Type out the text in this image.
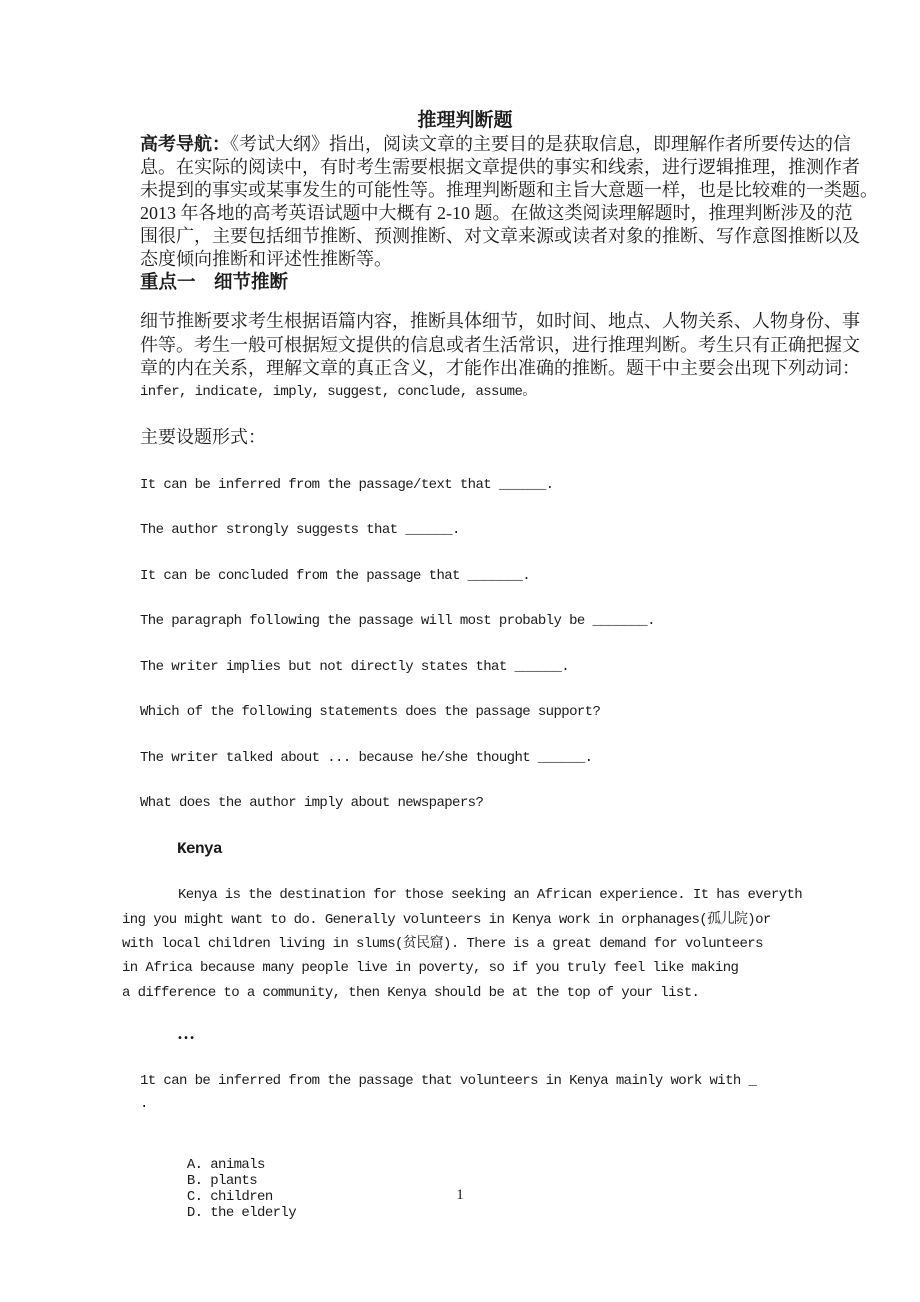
推理判断题
高考导航：《考试大纲》指出，阅读文章的主要目的是获取信息，即理解作者所要传达的信
息。在实际的阅读中，有时考生需要根据文章提供的事实和线索，进行逻辑推理，推测作者
未提到的事实或某事发生的可能性等。推理判断题和主旨大意题一样，也是比较难的一类题。
2013 年各地的高考英语试题中大概有 2-10 题。在做这类阅读理解题时，推理判断涉及的范
围很广，主要包括细节推断、预测推断、对文章来源或读者对象的推断、写作意图推断以及
态度倾向推断和评述性推断等。
重点一　细节推断
细节推断要求考生根据语篇内容，推断具体细节，如时间、地点、人物关系、人物身份、事
件等。考生一般可根据短文提供的信息或者生活常识，进行推理判断。考生只有正确把握文
章的内在关系，理解文章的真正含义，才能作出准确的推断。题干中主要会出现下列动词：
infer, indicate, imply, suggest, conclude, assume。
主要设题形式：
It can be inferred from the passage/text that ______.
The author strongly suggests that ______.
It can be concluded from the passage that _______.
The paragraph following the passage will most probably be _______.
The writer implies but not directly states that ______.
Which of the following statements does the passage support?
The writer talked about ... because he/she thought ______.
What does the author imply about newspapers?
Kenya
Kenya is the destination for those seeking an African experience. It has everyth
ing you might want to do. Generally volunteers in Kenya work in orphanages(孤儿院)or
with local children living in slums(贫民窟). There is a great demand for volunteers
in Africa because many people live in poverty, so if you truly feel like making
a difference to a community, then Kenya should be at the top of your list.
…
1t can be inferred from the passage that volunteers in Kenya mainly work with _
.

A. animals
B. plants
C. children
D. the elderly

1
